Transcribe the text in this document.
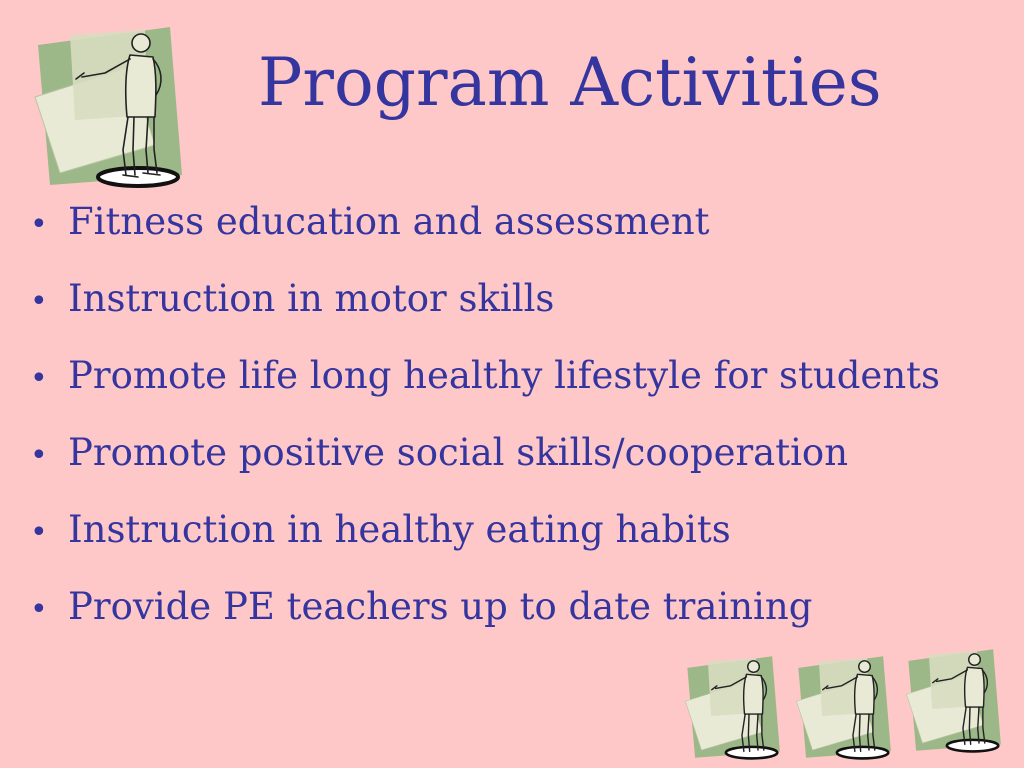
Program Activities
• Fitness education and assessment
• Instruction in motor skills
• Promote life long healthy lifestyle for students
• Promote positive social skills/cooperation
• Instruction in healthy eating habits
• Provide PE teachers up to date training
